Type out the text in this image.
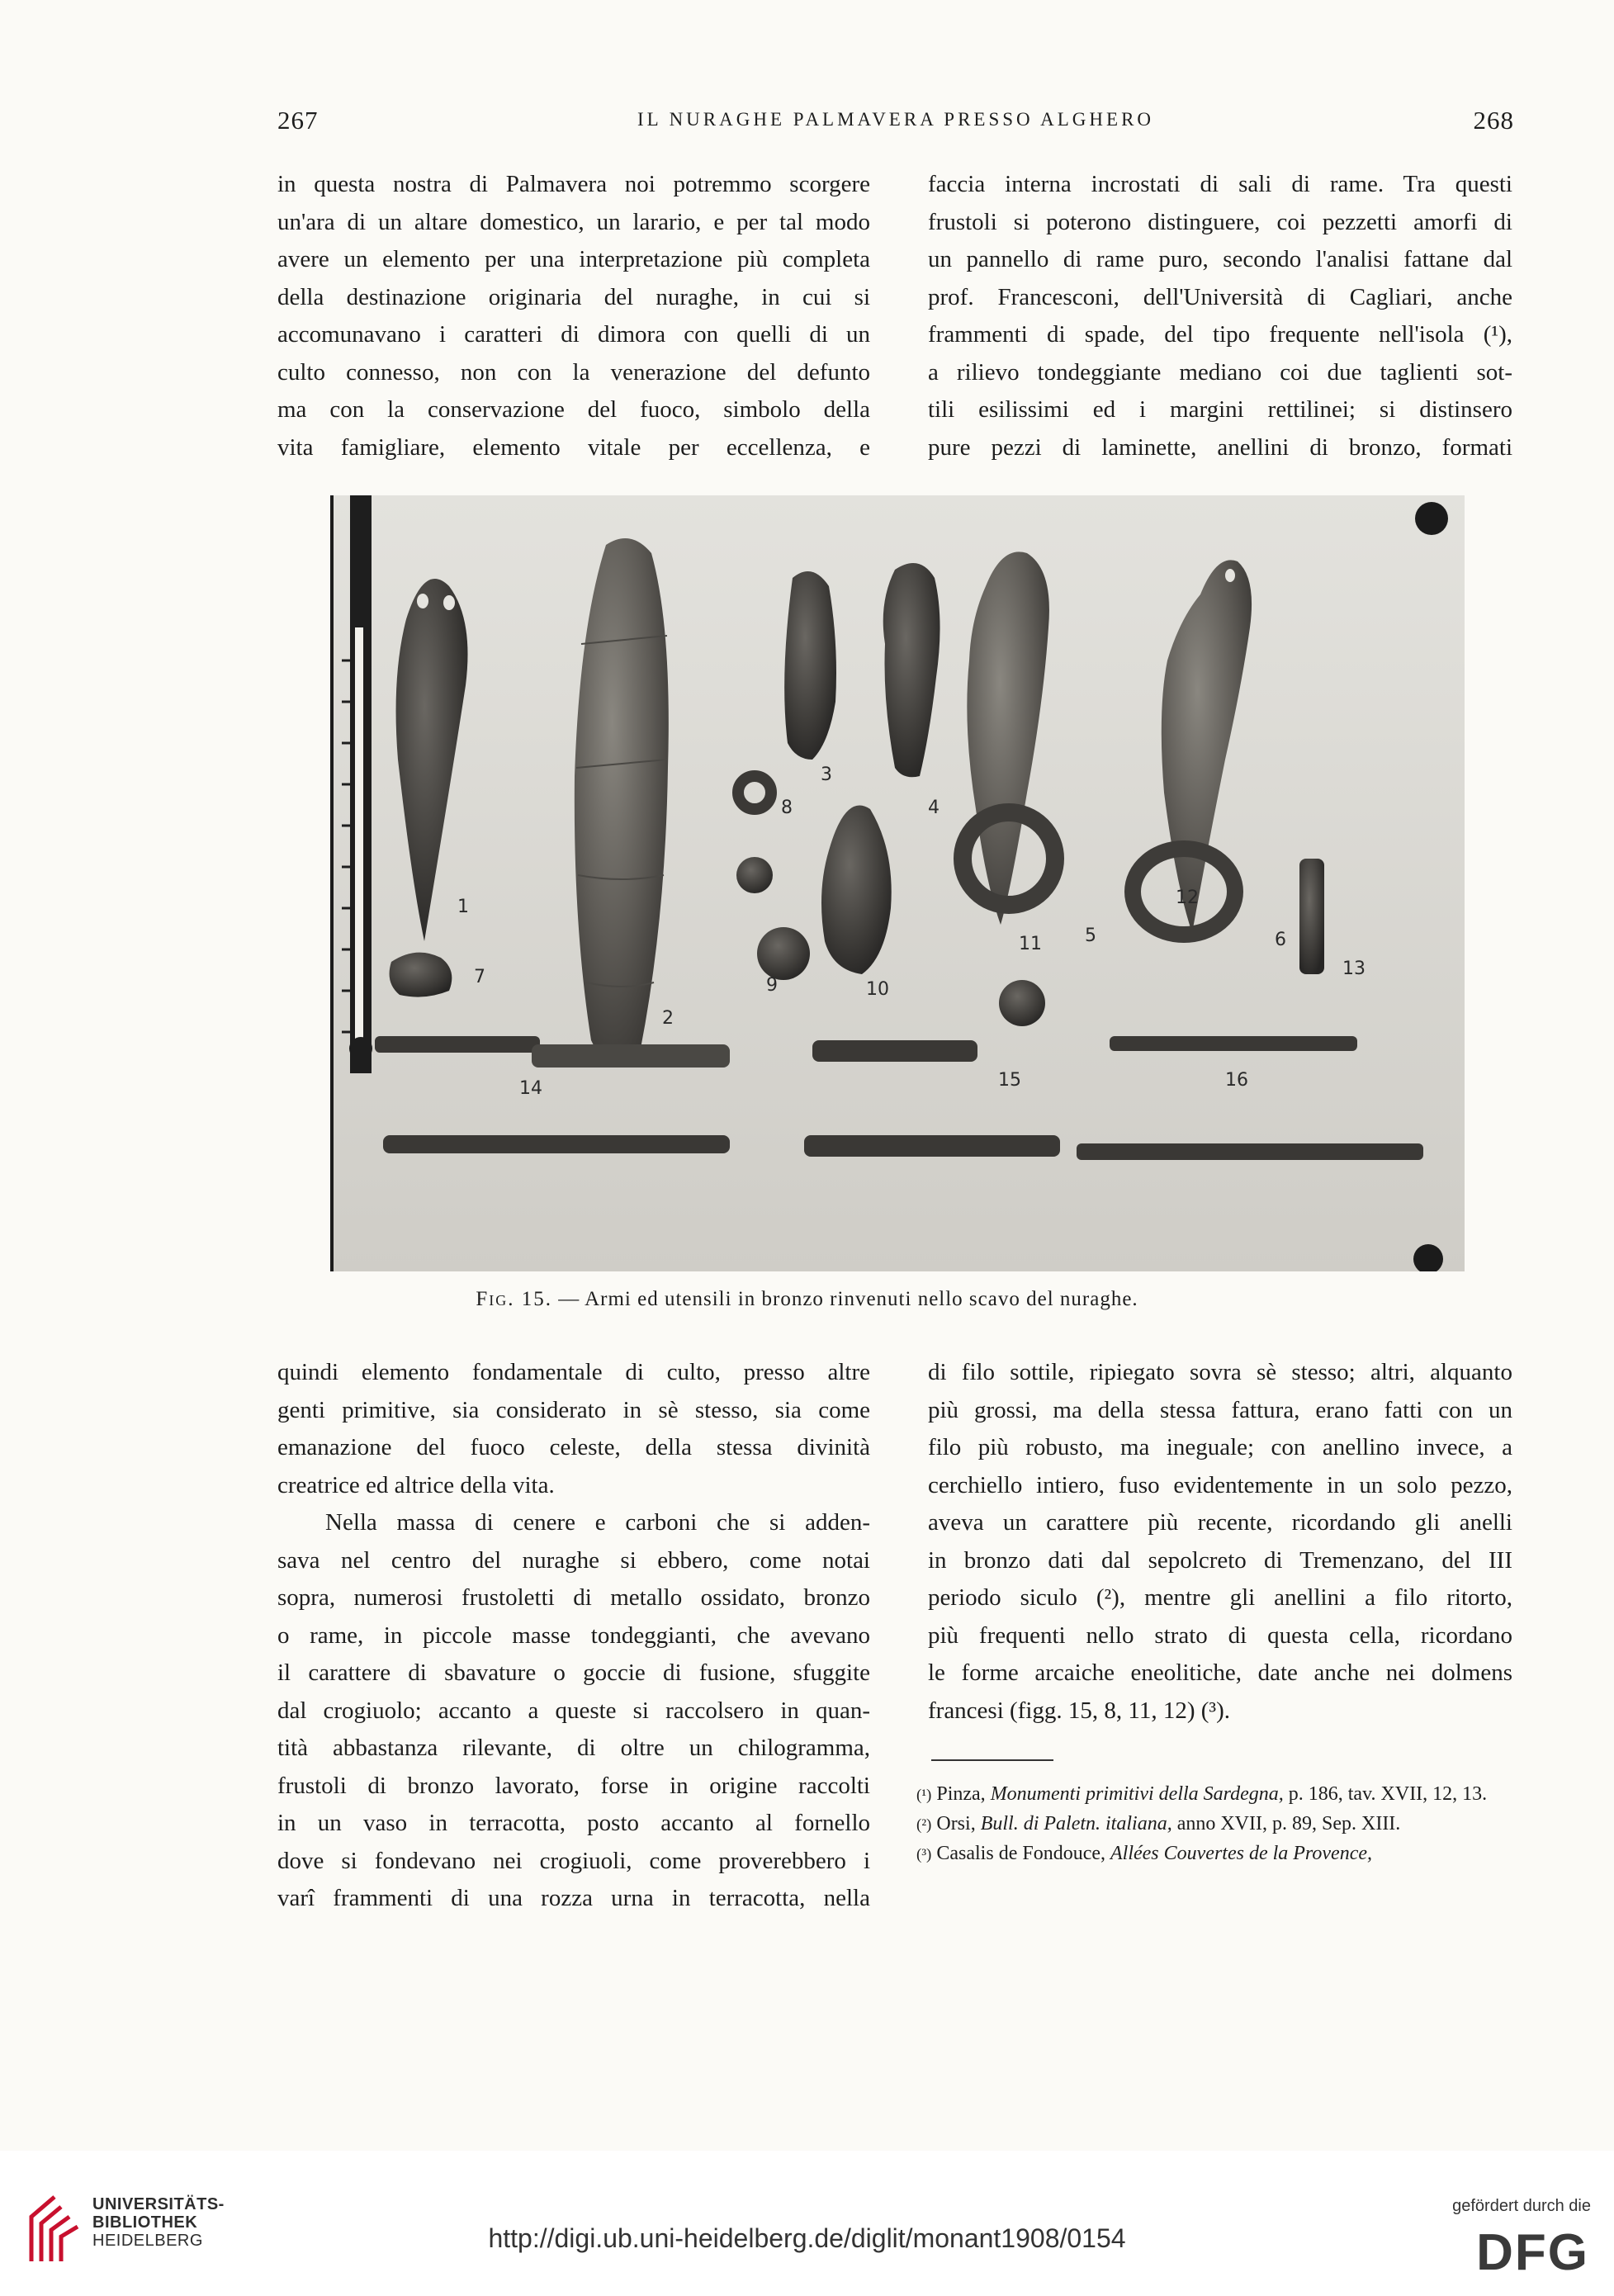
267	IL NURAGHE PALMAVERA PRESSO ALGHERO	268
in questa nostra di Palmavera noi potremmo scorgere
un'ara di un altare domestico, un larario, e per tal modo
avere un elemento per una interpretazione più completa
della destinazione originaria del nuraghe, in cui si
accomunavano i caratteri di dimora con quelli di un
culto connesso, non con la venerazione del defunto
ma con la conservazione del fuoco, simbolo della
vita famigliare, elemento vitale per eccellenza, e
faccia interna incrostati di sali di rame. Tra questi
frustoli si poterono distinguere, coi pezzetti amorfi di
un pannello di rame puro, secondo l'analisi fattane dal
prof. Francesconi, dell'Università di Cagliari, anche
frammenti di spade, del tipo frequente nell'isola (¹),
a rilievo tondeggiante mediano coi due taglienti sot-
tili esilissimi ed i margini rettilinei; si distinsero
pure pezzi di laminette, anellini di bronzo, formati
1
2
3
4
5	6
7
8
9	10
11
12
13
14	15	16
Fig. 15. — Armi ed utensili in bronzo rinvenuti nello scavo del nuraghe.
quindi elemento fondamentale di culto, presso altre
genti primitive, sia considerato in sè stesso, sia come
emanazione del fuoco celeste, della stessa divinità
creatrice ed altrice della vita.
Nella massa di cenere e carboni che si adden-
sava nel centro del nuraghe si ebbero, come notai
sopra, numerosi frustoletti di metallo ossidato, bronzo
o rame, in piccole masse tondeggianti, che avevano
il carattere di sbavature o goccie di fusione, sfuggite
dal crogiuolo; accanto a queste si raccolsero in quan-
tità abbastanza rilevante, di oltre un chilogramma,
frustoli di bronzo lavorato, forse in origine raccolti
in un vaso in terracotta, posto accanto al fornello
dove si fondevano nei crogiuoli, come proverebbero i
varî frammenti di una rozza urna in terracotta, nella
di filo sottile, ripiegato sovra sè stesso; altri, alquanto
più grossi, ma della stessa fattura, erano fatti con un
filo più robusto, ma ineguale; con anellino invece, a
cerchiello intiero, fuso evidentemente in un solo pezzo,
aveva un carattere più recente, ricordando gli anelli
in bronzo dati dal sepolcreto di Tremenzano, del III
periodo siculo (²), mentre gli anellini a filo ritorto,
più frequenti nello strato di questa cella, ricordano
le forme arcaiche eneolitiche, date anche nei dolmens
francesi (figg. 15, 8, 11, 12) (³).

(¹) Pinza, Monumenti primitivi della Sardegna, p. 186, tav. XVII, 12, 13.

(²) Orsi, Bull. di Paletn. italiana, anno XVII, p. 89, Sep. XIII.

(³) Casalis de Fondouce, Allées Couvertes de la Provence,

UNIVERSITÄTS-
BIBLIOTHEK
HEIDELBERG	http://digi.ub.uni-heidelberg.de/diglit/monant1908/0154
gefördert durch die
DFG
